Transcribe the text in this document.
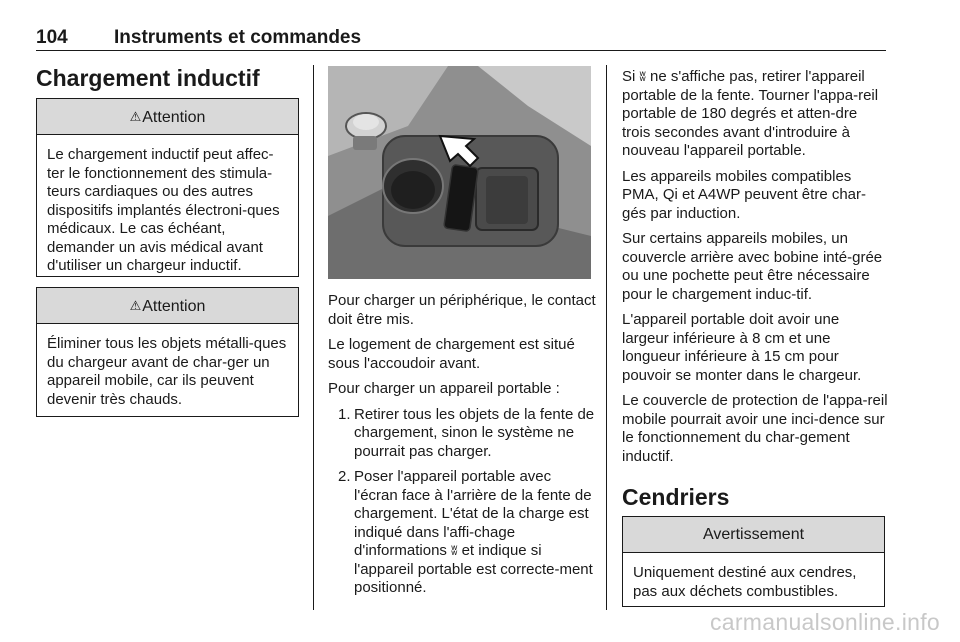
104 Instruments et commandes
Chargement inductif
⚠Attention
Le chargement inductif peut affec-ter le fonctionnement des stimula-teurs cardiaques ou des autres dispositifs implantés électroni-ques médicaux. Le cas échéant, demander un avis médical avant d'utiliser un chargeur inductif.
⚠Attention
Éliminer tous les objets métalli-ques du chargeur avant de char-ger un appareil mobile, car ils peuvent devenir très chauds.

Pour charger un périphérique, le contact doit être mis.

Le logement de chargement est situé sous l'accoudoir avant.

Pour charger un appareil portable :

1. Retirer tous les objets de la fente de chargement, sinon le système ne pourrait pas charger.
2. Poser l'appareil portable avec l'écran face à l'arrière de la fente de chargement. L'état de la charge est indiqué dans l'affi-chage d'informations ʬ et indique si l'appareil portable est correcte-ment positionné.

Si ʬ ne s'affiche pas, retirer l'appareil portable de la fente. Tourner l'appa-reil portable de 180 degrés et atten-dre trois secondes avant d'introduire à nouveau l'appareil portable.

Les appareils mobiles compatibles PMA, Qi et A4WP peuvent être char-gés par induction.

Sur certains appareils mobiles, un couvercle arrière avec bobine inté-grée ou une pochette peut être nécessaire pour le chargement induc-tif.

L'appareil portable doit avoir une largeur inférieure à 8 cm et une longueur inférieure à 15 cm pour pouvoir se monter dans le chargeur.

Le couvercle de protection de l'appa-reil mobile pourrait avoir une inci-dence sur le fonctionnement du char-gement inductif.

Cendriers
Avertissement
Uniquement destiné aux cendres, pas aux déchets combustibles.
carmanualsonline.info
